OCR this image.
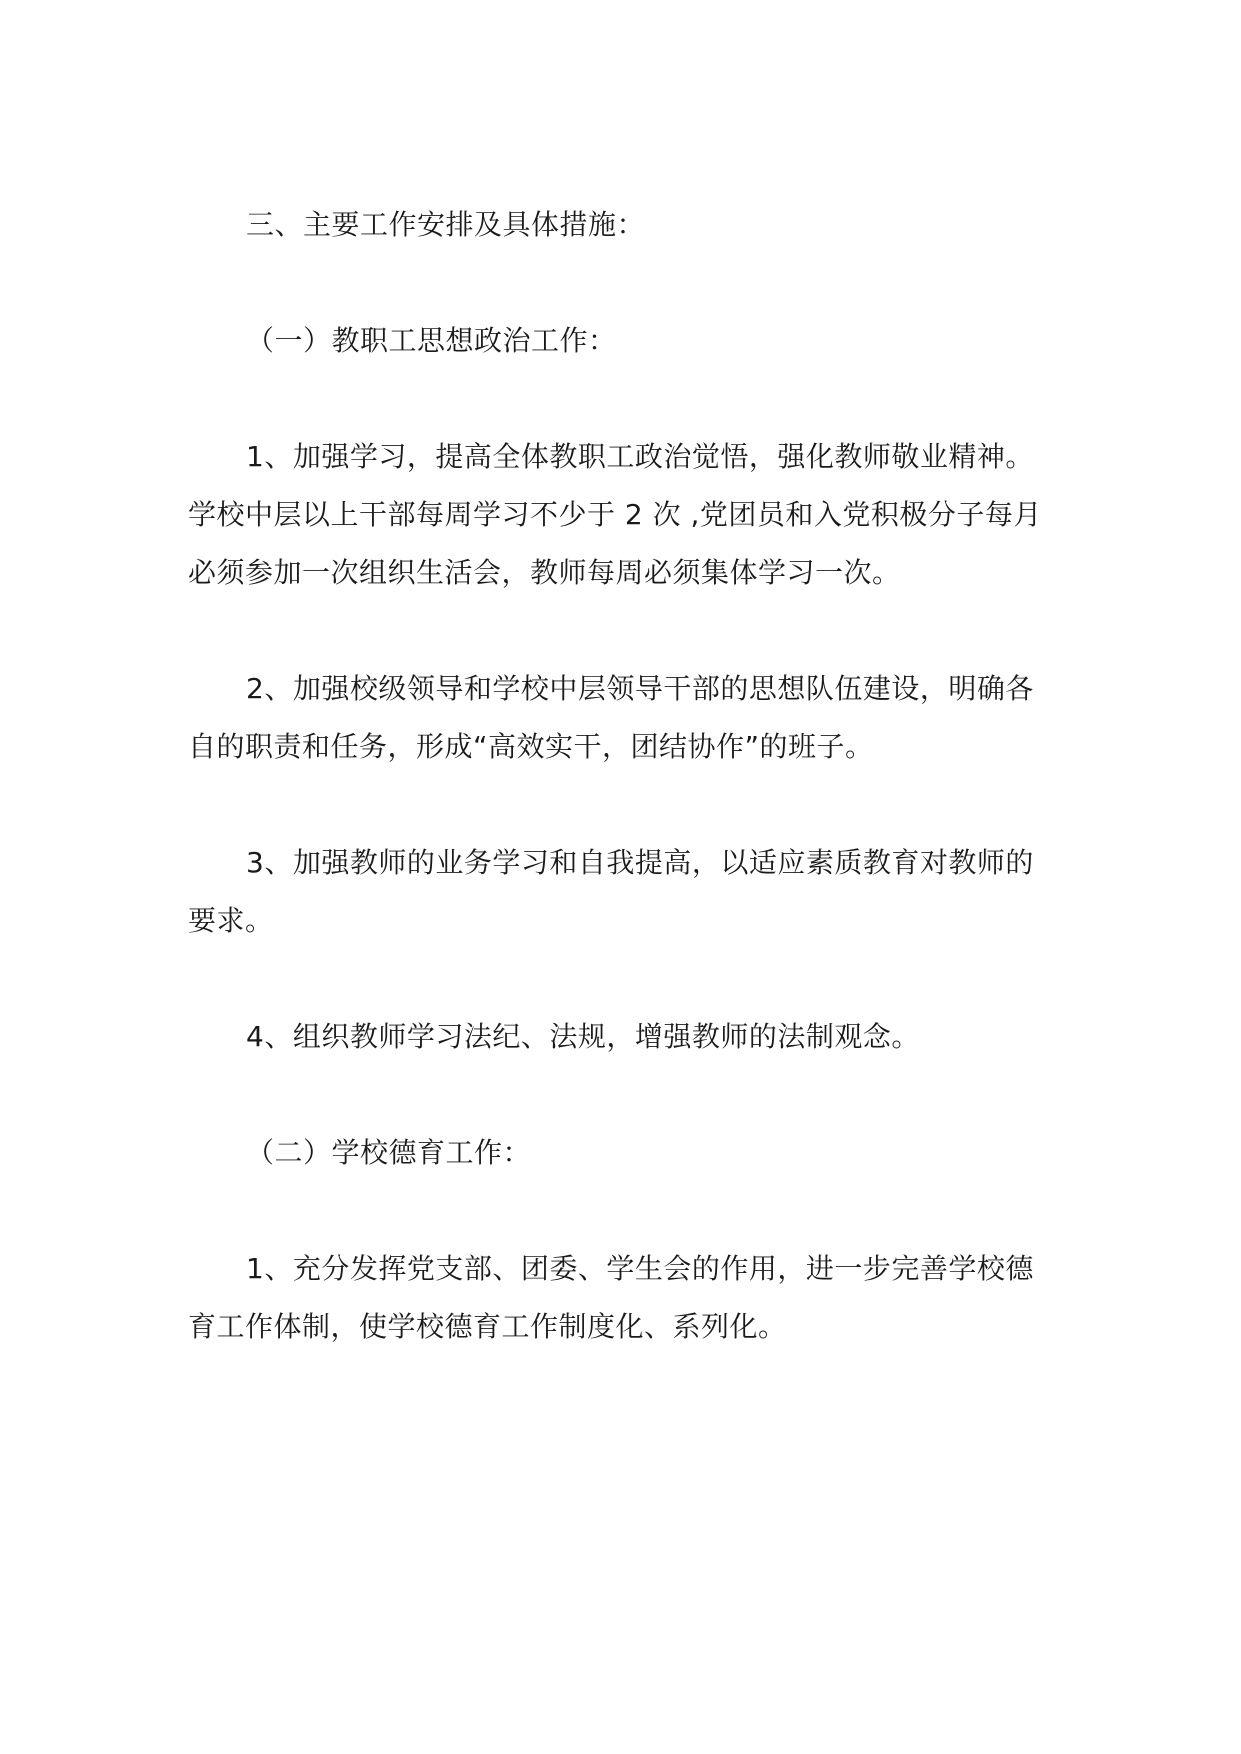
三、主要工作安排及具体措施：
（一）教职工思想政治工作：
1、加强学习，提高全体教职工政治觉悟，强化教师敬业精神。
学校中层以上干部每周学习不少于 2 次 ,党团员和入党积极分子每月
必须参加一次组织生活会，教师每周必须集体学习一次。
2、加强校级领导和学校中层领导干部的思想队伍建设，明确各
自的职责和任务，形成“高效实干，团结协作”的班子。
3、加强教师的业务学习和自我提高，以适应素质教育对教师的
要求。
4、组织教师学习法纪、法规，增强教师的法制观念。
（二）学校德育工作：
1、充分发挥党支部、团委、学生会的作用，进一步完善学校德
育工作体制，使学校德育工作制度化、系列化。
